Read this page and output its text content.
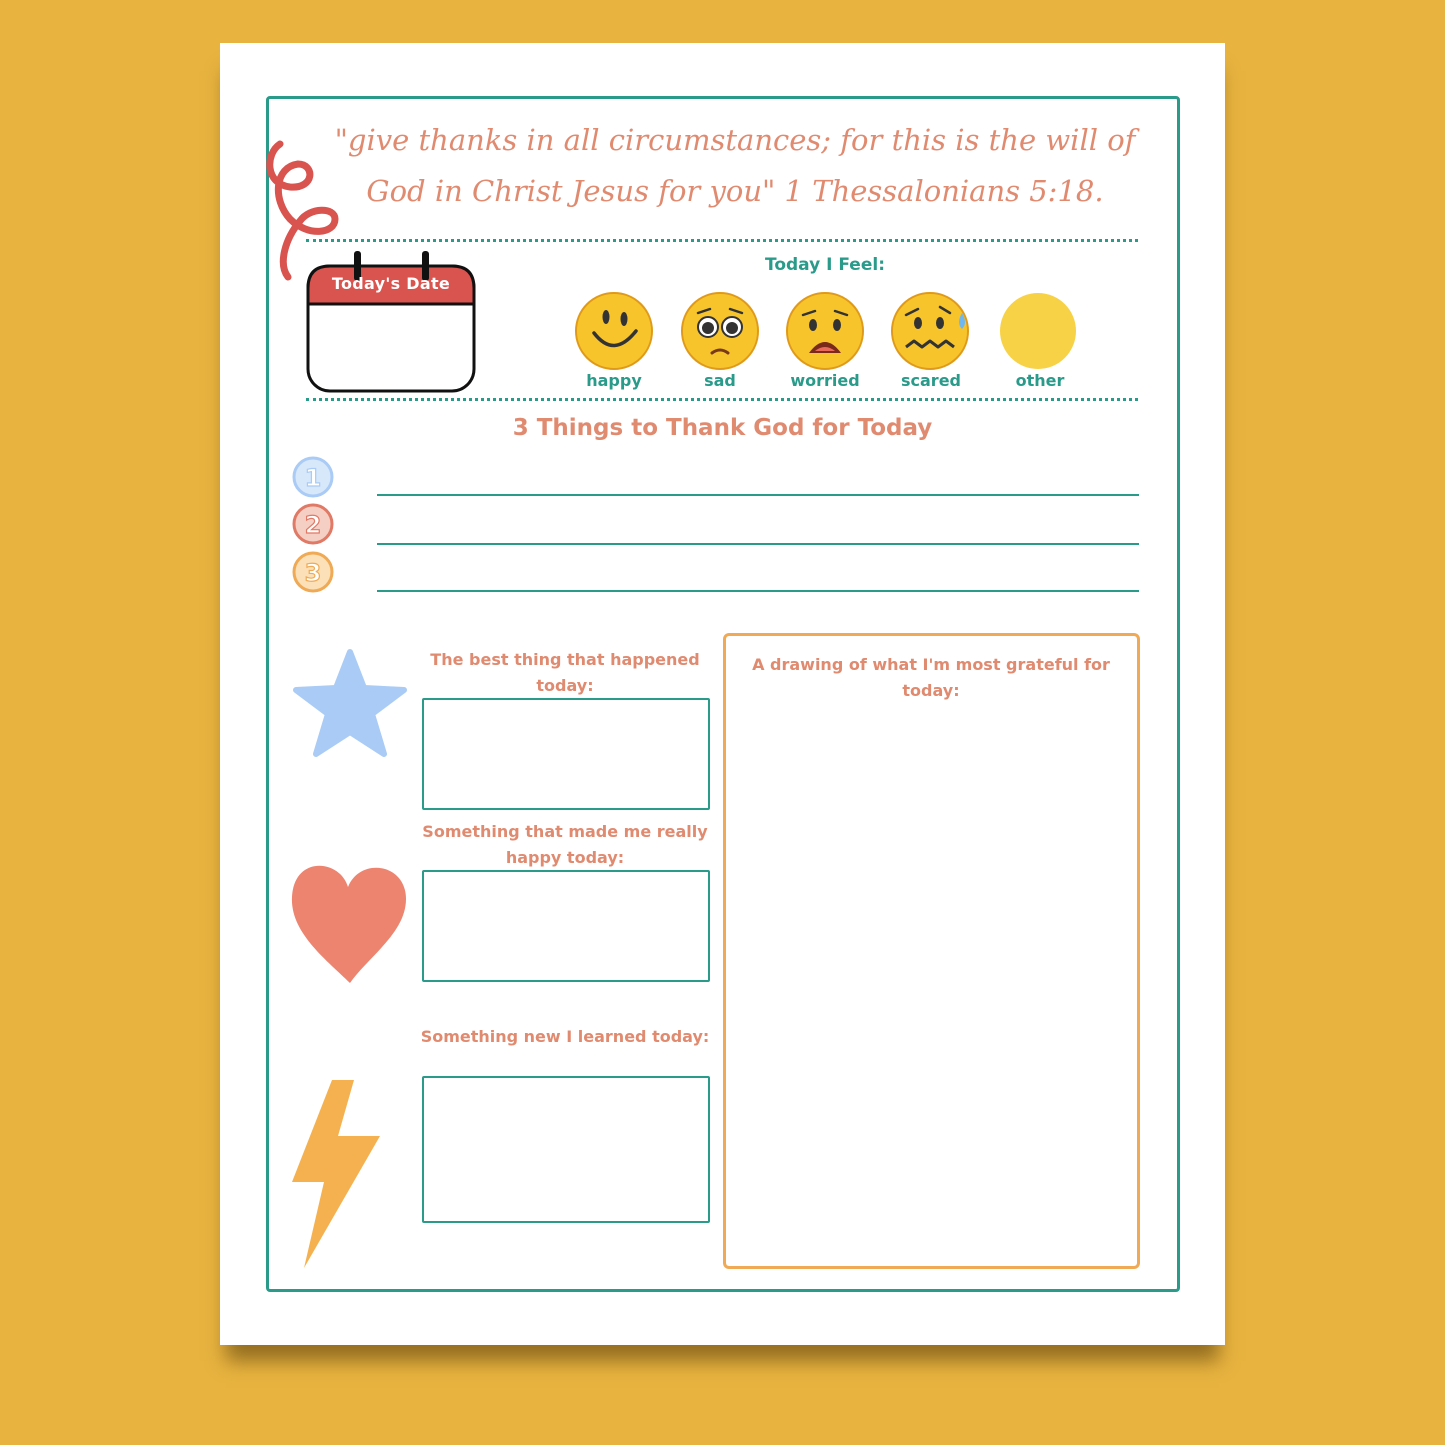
"give thanks in all circumstances; for this is the will of
God in Christ Jesus for you" 1 Thessalonians 5:18.
Today's Date
Today I Feel:
happy	sad	worried	scared	other
3 Things to Thank God for Today
1
2
3
The best thing that happened today:
Something that made me really happy today:
Something new I learned today:
A drawing of what I'm most grateful for today:
